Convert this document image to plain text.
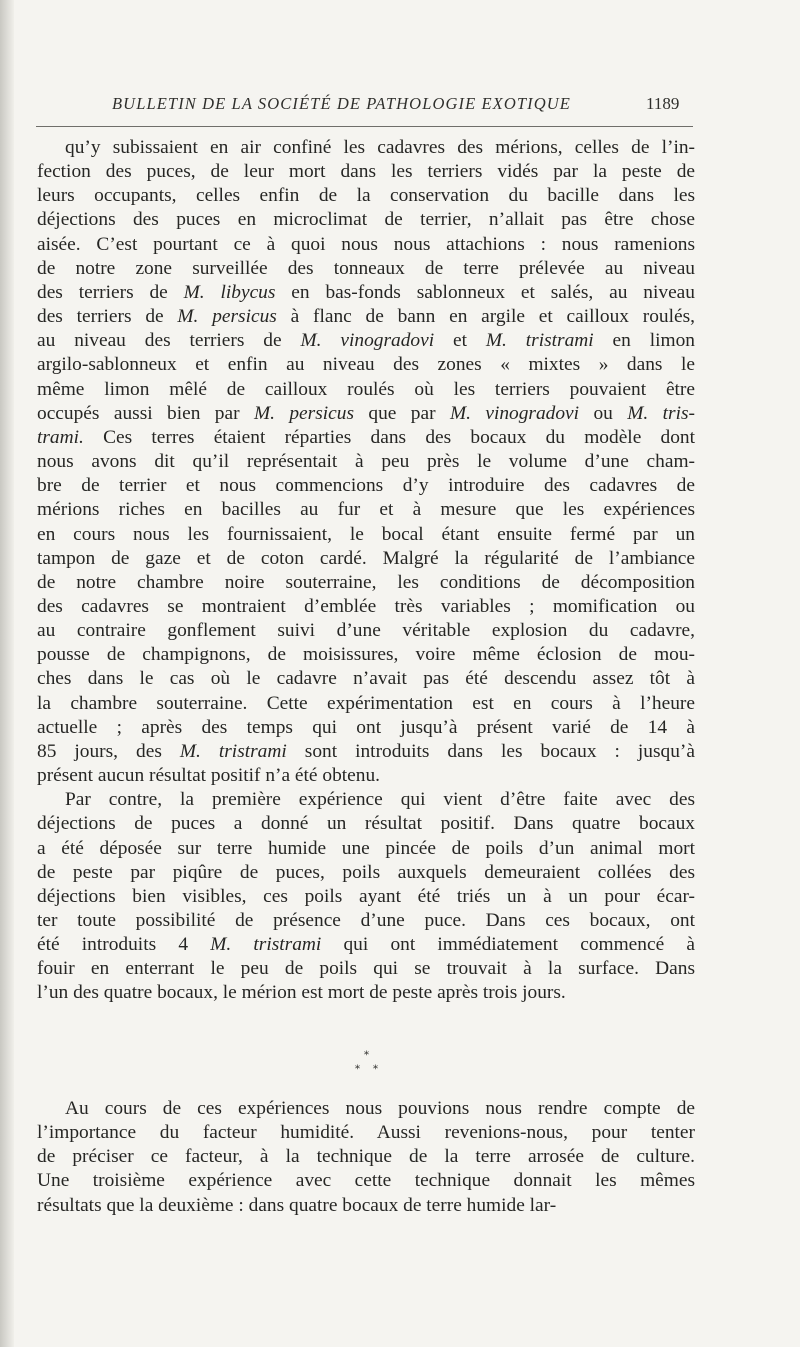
BULLETIN DE LA SOCIÉTÉ DE PATHOLOGIE EXOTIQUE	1189
qu’y subissaient en air confiné les cadavres des mérions, celles de l’in-
fection des puces, de leur mort dans les terriers vidés par la peste de
leurs occupants, celles enfin de la conservation du bacille dans les
déjections des puces en microclimat de terrier, n’allait pas être chose
aisée. C’est pourtant ce à quoi nous nous attachions : nous ramenions
de notre zone surveillée des tonneaux de terre prélevée au niveau
des terriers de M. libycus en bas-fonds sablonneux et salés, au niveau
des terriers de M. persicus à flanc de bann en argile et cailloux roulés,
au niveau des terriers de M. vinogradovi et M. tristrami en limon
argilo-sablonneux et enfin au niveau des zones « mixtes » dans le
même limon mêlé de cailloux roulés où les terriers pouvaient être
occupés aussi bien par M. persicus que par M. vinogradovi ou M. tris-
trami. Ces terres étaient réparties dans des bocaux du modèle dont
nous avons dit qu’il représentait à peu près le volume d’une cham-
bre de terrier et nous commencions d’y introduire des cadavres de
mérions riches en bacilles au fur et à mesure que les expériences
en cours nous les fournissaient, le bocal étant ensuite fermé par un
tampon de gaze et de coton cardé. Malgré la régularité de l’ambiance
de notre chambre noire souterraine, les conditions de décomposition
des cadavres se montraient d’emblée très variables ; momification ou
au contraire gonflement suivi d’une véritable explosion du cadavre,
pousse de champignons, de moisissures, voire même éclosion de mou-
ches dans le cas où le cadavre n’avait pas été descendu assez tôt à
la chambre souterraine. Cette expérimentation est en cours à l’heure
actuelle ; après des temps qui ont jusqu’à présent varié de 14 à
85 jours, des M. tristrami sont introduits dans les bocaux : jusqu’à
présent aucun résultat positif n’a été obtenu.
Par contre, la première expérience qui vient d’être faite avec des
déjections de puces a donné un résultat positif. Dans quatre bocaux
a été déposée sur terre humide une pincée de poils d’un animal mort
de peste par piqûre de puces, poils auxquels demeuraient collées des
déjections bien visibles, ces poils ayant été triés un à un pour écar-
ter toute possibilité de présence d’une puce. Dans ces bocaux, ont
été introduits 4 M. tristrami qui ont immédiatement commencé à
fouir en enterrant le peu de poils qui se trouvait à la surface. Dans
l’un des quatre bocaux, le mérion est mort de peste après trois jours.
*
* *
Au cours de ces expériences nous pouvions nous rendre compte de
l’importance du facteur humidité. Aussi revenions-nous, pour tenter
de préciser ce facteur, à la technique de la terre arrosée de culture.
Une troisième expérience avec cette technique donnait les mêmes
résultats que la deuxième : dans quatre bocaux de terre humide lar-
